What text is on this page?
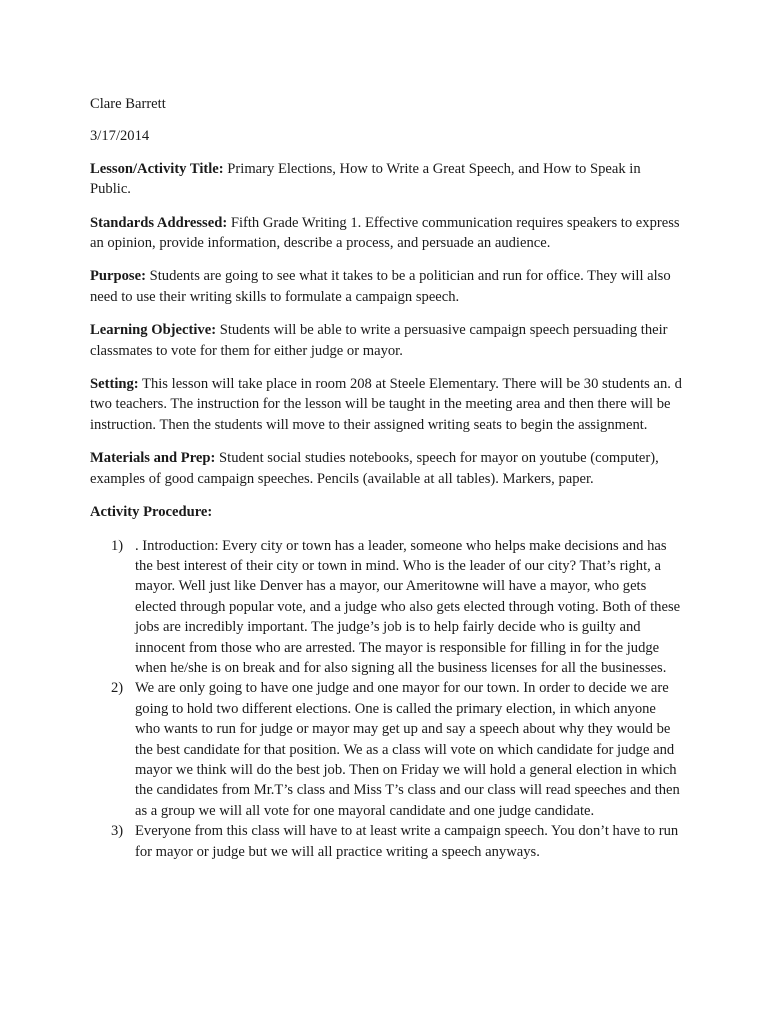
Clare Barrett

3/17/2014

Lesson/Activity Title: Primary Elections, How to Write a Great Speech, and How to Speak in Public.

Standards Addressed: Fifth Grade Writing 1. Effective communication requires speakers to express an opinion, provide information, describe a process, and persuade an audience.

Purpose: Students are going to see what it takes to be a politician and run for office. They will also need to use their writing skills to formulate a campaign speech.

Learning Objective: Students will be able to write a persuasive campaign speech persuading their classmates to vote for them for either judge or mayor.

Setting: This lesson will take place in room 208 at Steele Elementary. There will be 30 students an. d two teachers. The instruction for the lesson will be taught in the meeting area and then there will be instruction. Then the students will move to their assigned writing seats to begin the assignment.

Materials and Prep: Student social studies notebooks, speech for mayor on youtube (computer), examples of good campaign speeches. Pencils (available at all tables). Markers, paper.

Activity Procedure:

1) . Introduction: Every city or town has a leader, someone who helps make decisions and has the best interest of their city or town in mind. Who is the leader of our city? That’s right, a mayor. Well just like Denver has a mayor, our Ameritowne will have a mayor, who gets elected through popular vote, and a judge who also gets elected through voting. Both of these jobs are incredibly important. The judge’s job is to help fairly decide who is guilty and innocent from those who are arrested. The mayor is responsible for filling in for the judge when he/she is on break and for also signing all the business licenses for all the businesses.
2) We are only going to have one judge and one mayor for our town. In order to decide we are going to hold two different elections. One is called the primary election, in which anyone who wants to run for judge or mayor may get up and say a speech about why they would be the best candidate for that position. We as a class will vote on which candidate for judge and mayor we think will do the best job. Then on Friday we will hold a general election in which the candidates from Mr.T’s class and Miss T’s class and our class will read speeches and then as a group we will all vote for one mayoral candidate and one judge candidate.
3) Everyone from this class will have to at least write a campaign speech. You don’t have to run for mayor or judge but we will all practice writing a speech anyways.
